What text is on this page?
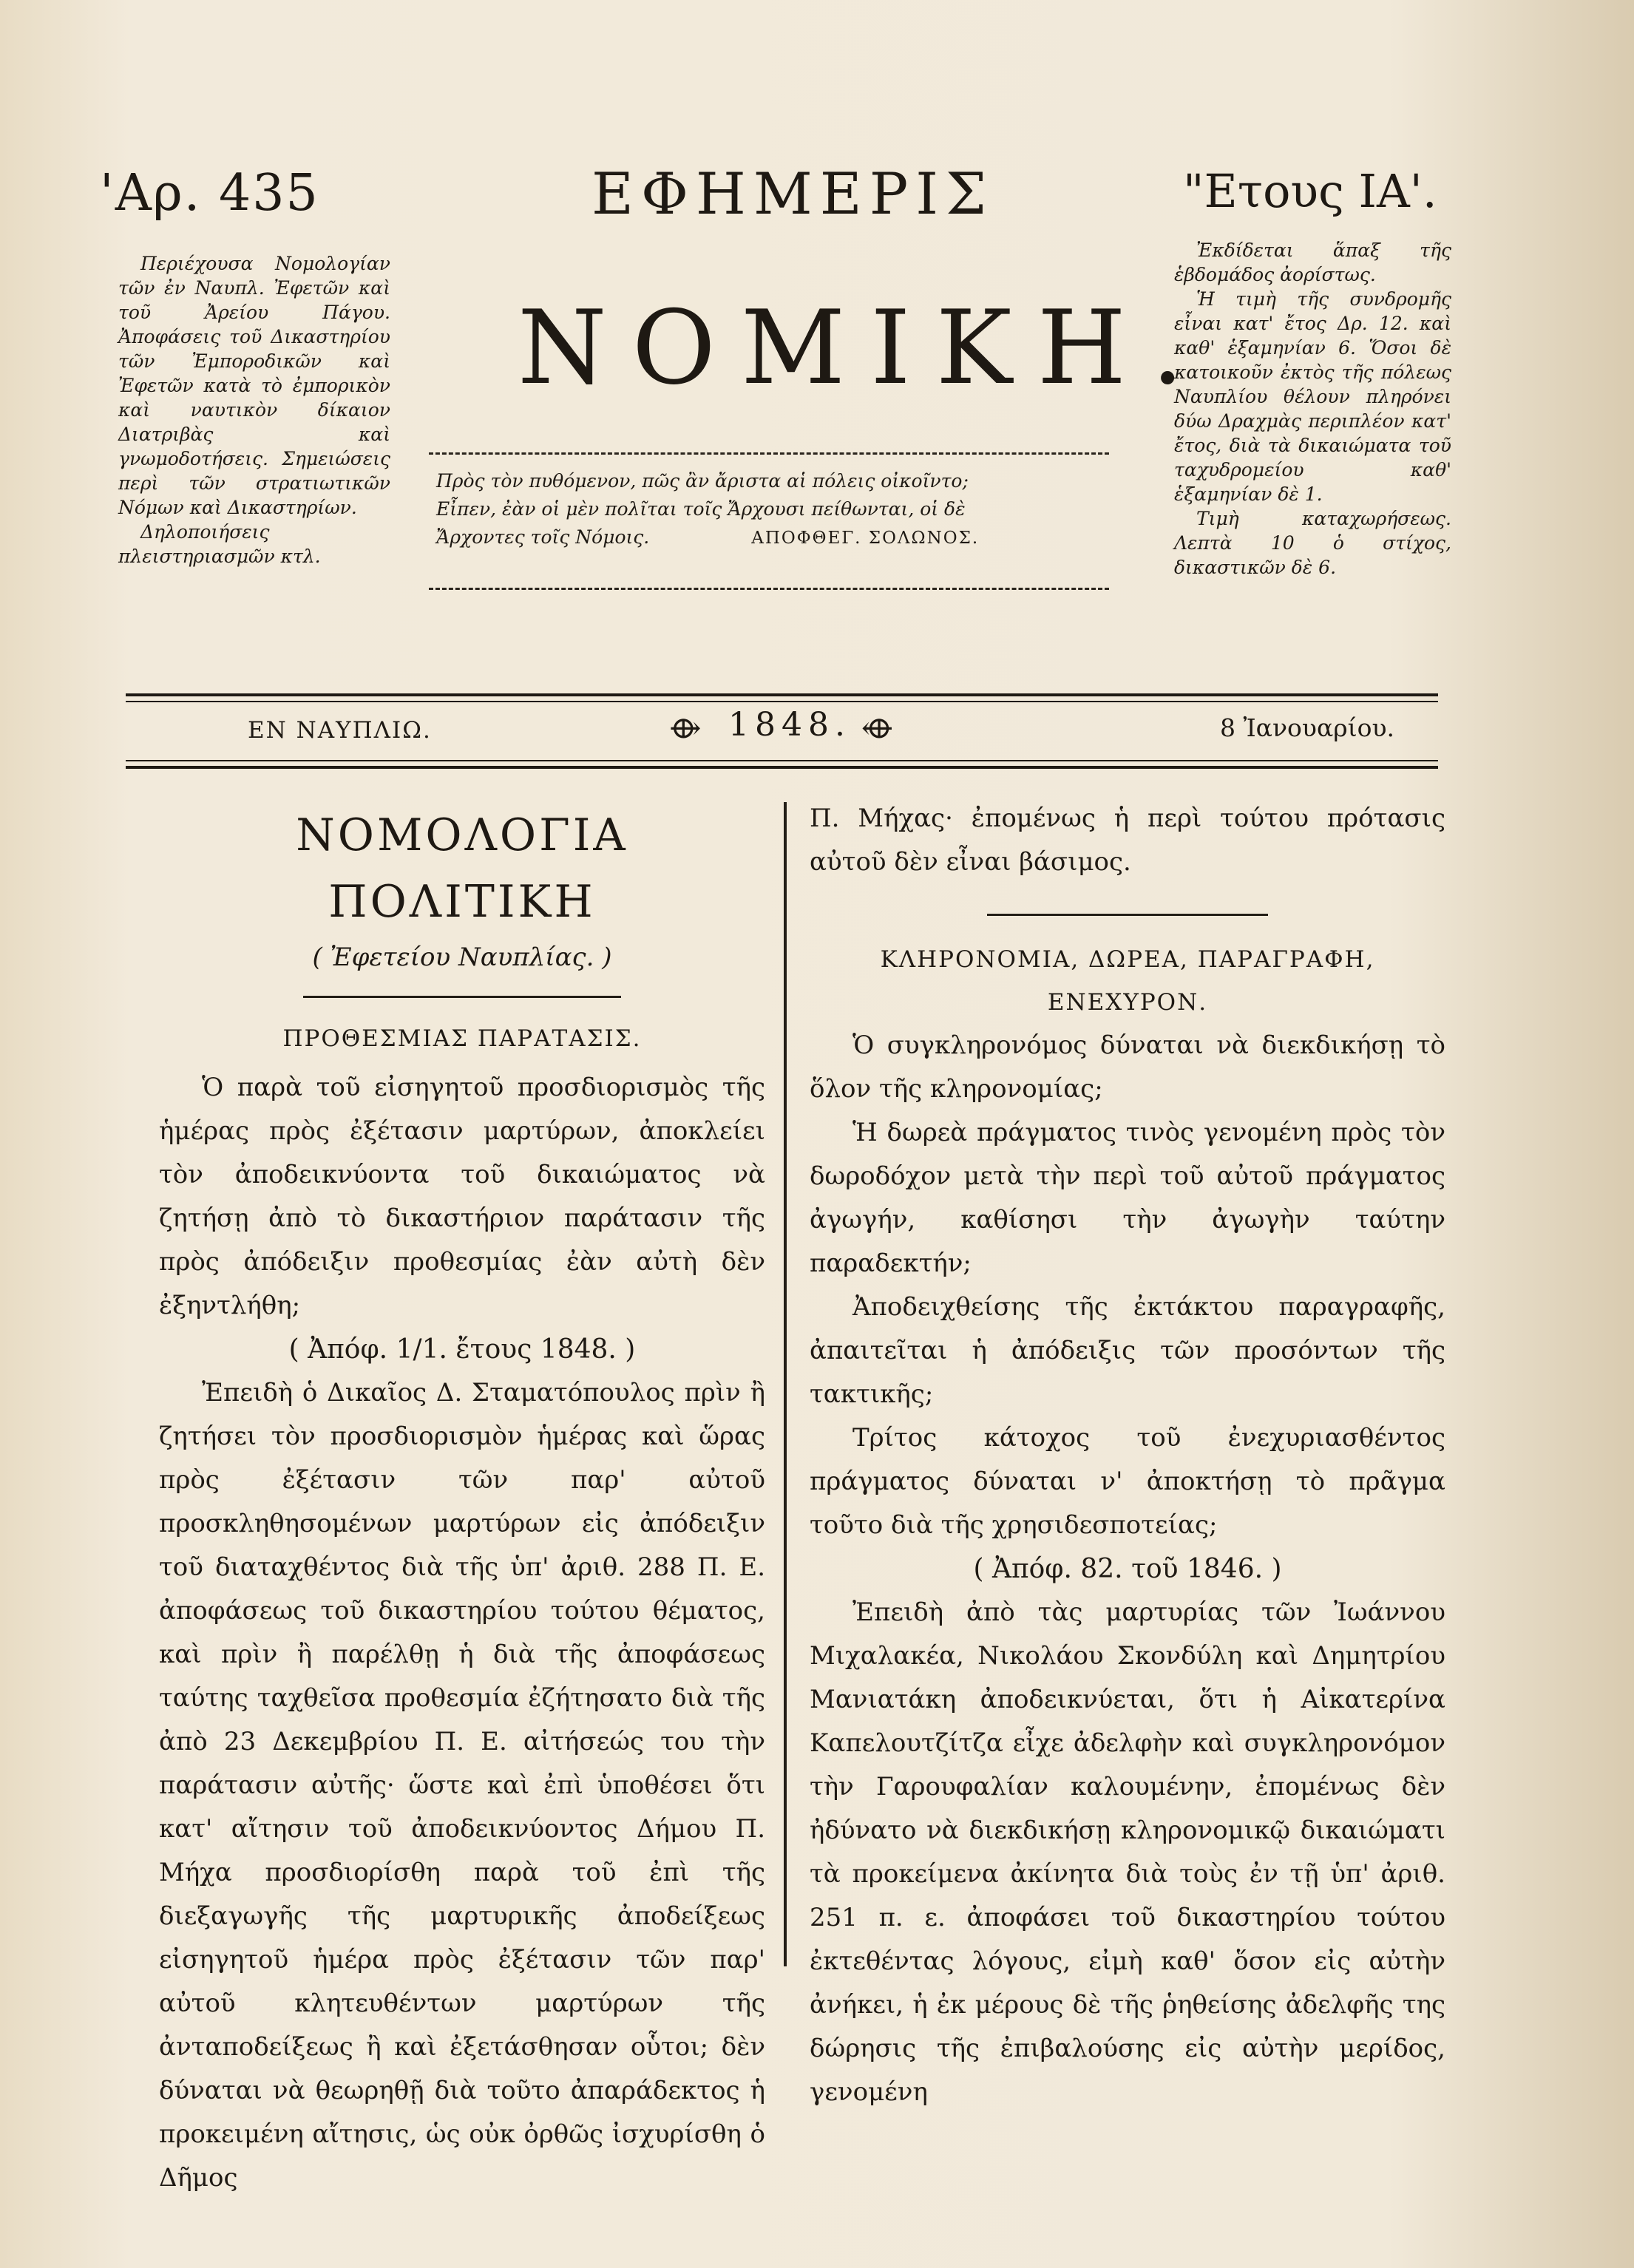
'Αρ. 435	ΕΦΗΜΕΡΙΣ	"Ετους ΙΑ'.

Περιέχουσα Νομολογίαν τῶν ἐν Ναυπλ. Ἐφετῶν καὶ τοῦ Ἀρείου Πάγου. Ἀποφάσεις τοῦ Δικαστηρίου τῶν Ἐμποροδικῶν καὶ Ἐφετῶν κατὰ τὸ ἐμπορικὸν καὶ ναυτικὸν δίκαιον Διατριβὰς καὶ γνωμοδοτήσεις. Σημειώσεις περὶ τῶν στρατιωτικῶν Νόμων καὶ Δικαστηρίων.

Δηλοποιήσεις πλειστηριασμῶν κτλ.

ΝΟΜΙΚΗ.

Ἐκδίδεται ἅπαξ τῆς ἑβδομάδος ἀορίστως.

Ἡ τιμὴ τῆς συνδρομῆς εἶναι κατ' ἔτος Δρ. 12. καὶ καθ' ἑξαμηνίαν 6. Ὅσοι δὲ κατοικοῦν ἐκτὸς τῆς πόλεως Ναυπλίου θέλουν πληρόνει δύω Δραχμὰς περιπλέον κατ' ἔτος, διὰ τὰ δικαιώματα τοῦ ταχυδρομείου καθ' ἑξαμηνίαν δὲ 1.

Τιμὴ καταχωρήσεως. Λεπτὰ 10 ὁ στίχος, δικαστικῶν δὲ 6.

Πρὸς τὸν πυθόμενον, πῶς ἂν ἄριστα αἱ πόλεις οἰκοῖντο;
Εἶπεν, ἐὰν οἱ μὲν πολῖται τοῖς Ἄρχουσι πείθωνται, οἱ δὲ
Ἄρχοντες τοῖς Νόμοις.	ΑΠΟΦΘΕΓ. ΣΟΛΩΝΟΣ.
ΕΝ ΝΑΥΠΛΙΩ.	⟴ 1848. ⟴	8 Ἰανουαρίου.
ΝΟΜΟΛΟΓΙΑ ΠΟΛΙΤΙΚΗ
( Ἐφετείου Ναυπλίας. )
ΠΡΟΘΕΣΜΙΑΣ ΠΑΡΑΤΑΣΙΣ.

Ὁ παρὰ τοῦ εἰσηγητοῦ προσδιορισμὸς τῆς ἡμέρας πρὸς ἐξέτασιν μαρτύρων, ἀποκλείει τὸν ἀποδεικνύοντα τοῦ δικαιώματος νὰ ζητήσῃ ἀπὸ τὸ δικαστήριον παράτασιν τῆς πρὸς ἀπόδειξιν προθεσμίας ἐὰν αὐτὴ δὲν ἐξηντλήθη;

( Ἀπόφ. 1/1. ἔτους 1848. )

Ἐπειδὴ ὁ Δικαῖος Δ. Σταματόπουλος πρὶν ἢ ζητήσει τὸν προσδιορισμὸν ἡμέρας καὶ ὥρας πρὸς ἐξέτασιν τῶν παρ' αὐτοῦ προσκληθησομένων μαρτύρων εἰς ἀπόδειξιν τοῦ διαταχθέντος διὰ τῆς ὑπ' ἀριθ. 288 Π. Ε. ἀποφάσεως τοῦ δικαστηρίου τούτου θέματος, καὶ πρὶν ἢ παρέλθῃ ἡ διὰ τῆς ἀποφάσεως ταύτης ταχθεῖσα προθεσμία ἐζήτησατο διὰ τῆς ἀπὸ 23 Δεκεμβρίου Π. Ε. αἰτήσεώς του τὴν παράτασιν αὐτῆς· ὥστε καὶ ἐπὶ ὑποθέσει ὅτι κατ' αἴτησιν τοῦ ἀποδεικνύοντος Δήμου Π. Μήχα προσδιορίσθη παρὰ τοῦ ἐπὶ τῆς διεξαγωγῆς τῆς μαρτυρικῆς ἀποδείξεως εἰσηγητοῦ ἡμέρα πρὸς ἐξέτασιν τῶν παρ' αὐτοῦ κλητευθέντων μαρτύρων τῆς ἀνταποδείξεως ἢ καὶ ἐξετάσθησαν οὗτοι; δὲν δύναται νὰ θεωρηθῇ διὰ τοῦτο ἀπαράδεκτος ἡ προκειμένη αἴτησις, ὡς οὐκ ὀρθῶς ἰσχυρίσθη ὁ Δῆμος

Π. Μήχας· ἐπομένως ἡ περὶ τούτου πρότασις αὐτοῦ δὲν εἶναι βάσιμος.

ΚΛΗΡΟΝΟΜΙΑ, ΔΩΡΕΑ, ΠΑΡΑΓΡΑΦΗ,
ΕΝΕΧΥΡΟΝ.

Ὁ συγκληρονόμος δύναται νὰ διεκδικήσῃ τὸ ὅλον τῆς κληρονομίας;

Ἡ δωρεὰ πράγματος τινὸς γενομένη πρὸς τὸν δωροδόχον μετὰ τὴν περὶ τοῦ αὐτοῦ πράγματος ἀγωγήν, καθίσησι τὴν ἀγωγὴν ταύτην παραδεκτήν;

Ἀποδειχθείσης τῆς ἐκτάκτου παραγραφῆς, ἀπαιτεῖται ἡ ἀπόδειξις τῶν προσόντων τῆς τακτικῆς;

Τρίτος κάτοχος τοῦ ἐνεχυριασθέντος πράγματος δύναται ν' ἀποκτήσῃ τὸ πρᾶγμα τοῦτο διὰ τῆς χρησιδεσποτείας;

( Ἀπόφ. 82. τοῦ 1846. )

Ἐπειδὴ ἀπὸ τὰς μαρτυρίας τῶν Ἰωάννου Μιχαλακέα, Νικολάου Σκονδύλη καὶ Δημητρίου Μανιατάκη ἀποδεικνύεται, ὅτι ἡ Αἰκατερίνα Καπελουτζίτζα εἶχε ἀδελφὴν καὶ συγκληρονόμον τὴν Γαρουφαλίαν καλουμένην, ἐπομένως δὲν ἠδύνατο νὰ διεκδικήσῃ κληρονομικῷ δικαιώματι τὰ προκείμενα ἀκίνητα διὰ τοὺς ἐν τῇ ὑπ' ἀριθ. 251 π. ε. ἀποφάσει τοῦ δικαστηρίου τούτου ἐκτεθέντας λόγους, εἰμὴ καθ' ὅσον εἰς αὐτὴν ἀνήκει, ἡ ἐκ μέρους δὲ τῆς ῥηθείσης ἀδελφῆς της δώρησις τῆς ἐπιβαλούσης εἰς αὐτὴν μερίδος, γενομένη
